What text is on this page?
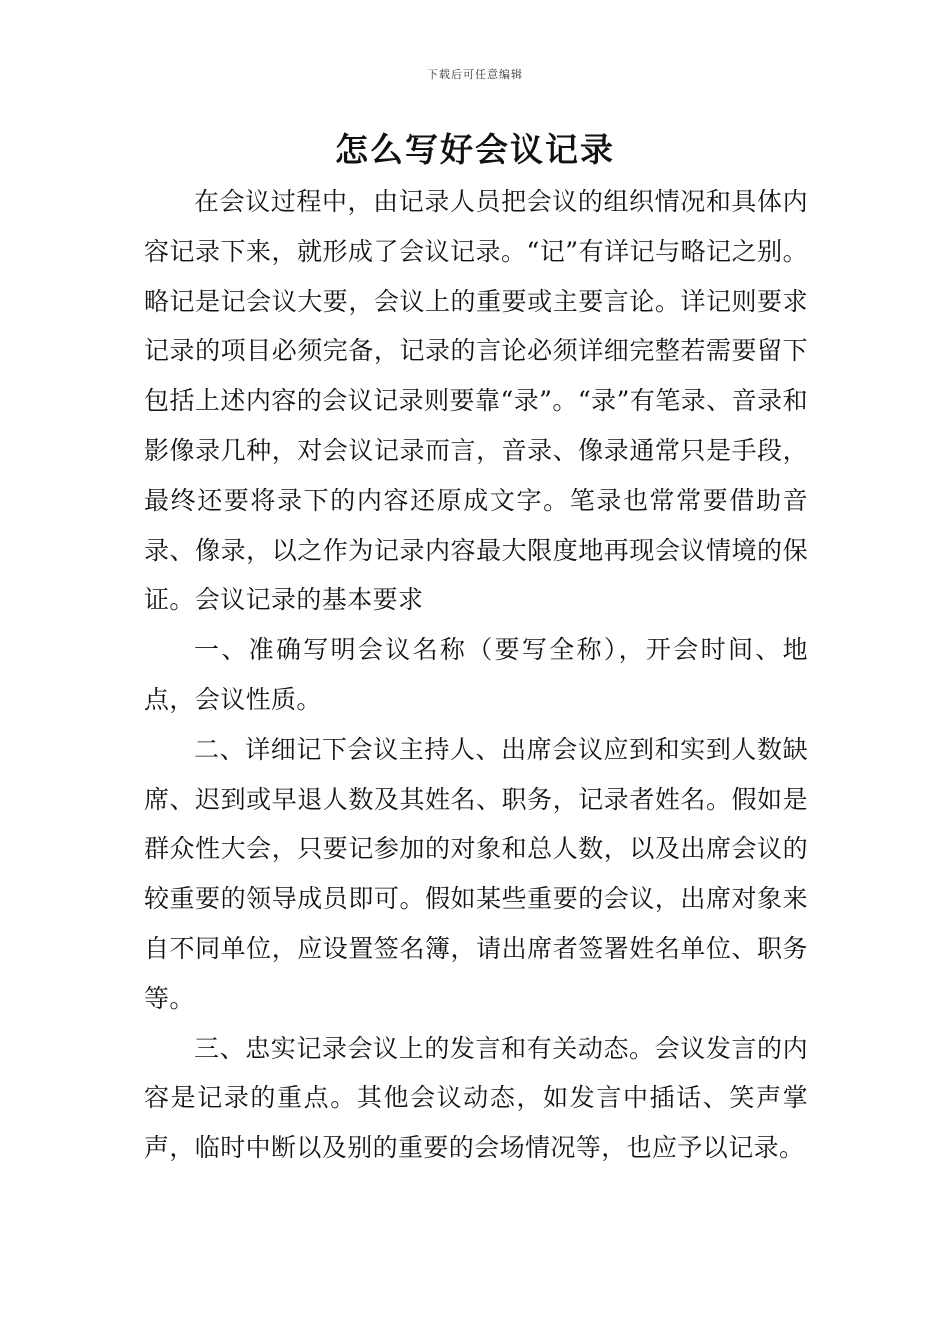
下载后可任意编辑
怎么写好会议记录

在会议过程中，由记录人员把会议的组织情况和具体内容记录下来，就形成了会议记录。“记”有详记与略记之别。略记是记会议大要，会议上的重要或主要言论。详记则要求记录的项目必须完备，记录的言论必须详细完整若需要留下包括上述内容的会议记录则要靠“录”。“录”有笔录、音录和影像录几种，对会议记录而言，音录、像录通常只是手段，最终还要将录下的内容还原成文字。笔录也常常要借助音录、像录，以之作为记录内容最大限度地再现会议情境的保证。会议记录的基本要求

一、准确写明会议名称（要写全称），开会时间、地点，会议性质。

二、详细记下会议主持人、出席会议应到和实到人数缺席、迟到或早退人数及其姓名、职务，记录者姓名。假如是群众性大会，只要记参加的对象和总人数，以及出席会议的较重要的领导成员即可。假如某些重要的会议，出席对象来自不同单位，应设置签名簿，请出席者签署姓名单位、职务等。

三、忠实记录会议上的发言和有关动态。会议发言的内容是记录的重点。其他会议动态，如发言中插话、笑声掌声，临时中断以及别的重要的会场情况等，也应予以记录。
